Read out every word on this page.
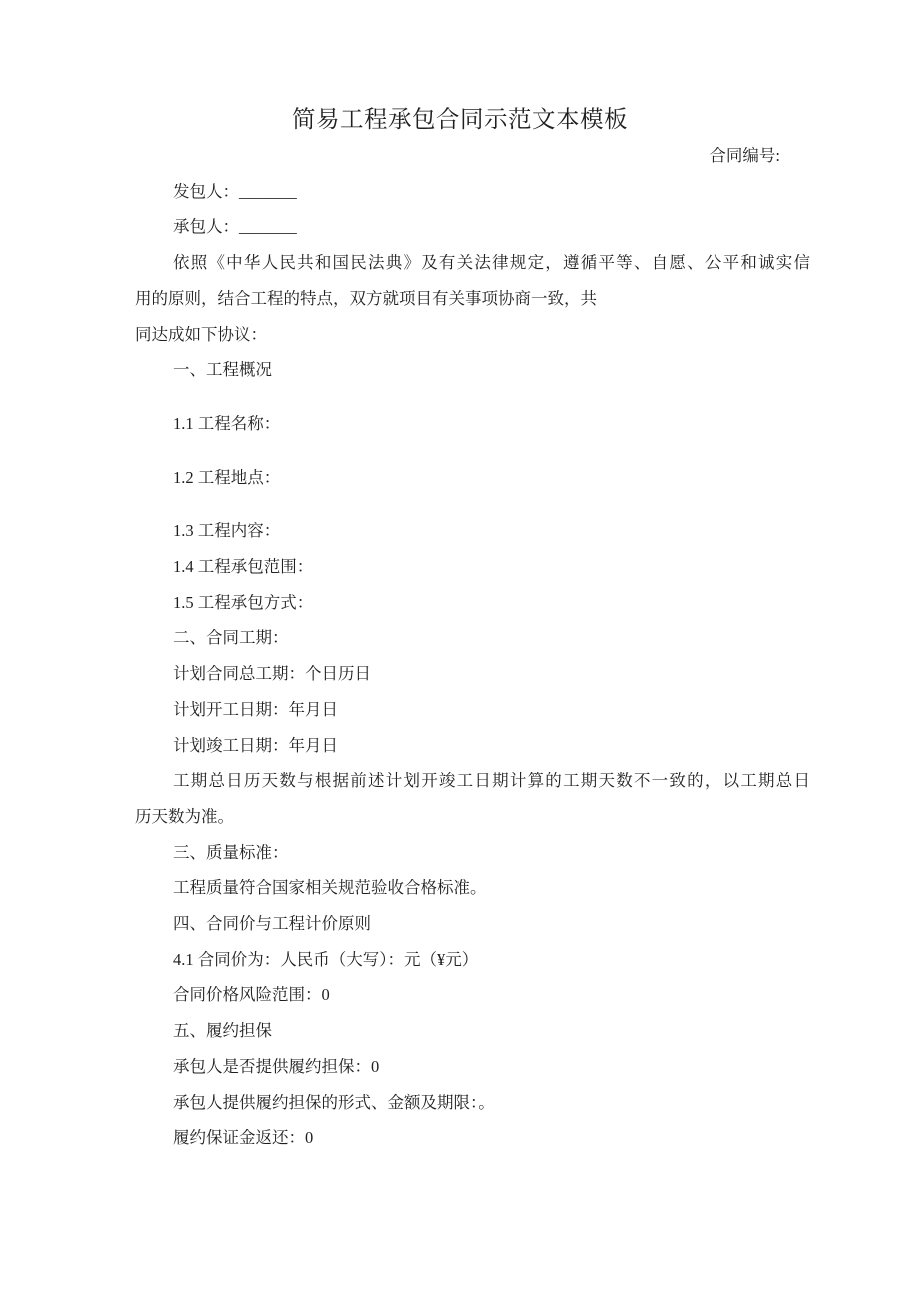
简易工程承包合同示范文本模板

合同编号:

发包人：_______

承包人：_______

依照《中华人民共和国民法典》及有关法律规定，遵循平等、自愿、公平和诚实信

用的原则，结合工程的特点，双方就项目有关事项协商一致，共

同达成如下协议：

一、工程概况

1.1 工程名称：

1.2 工程地点：

1.3 工程内容：

1.4 工程承包范围：

1.5 工程承包方式：

二、合同工期：

计划合同总工期：个日历日

计划开工日期：年月日

计划竣工日期：年月日

工期总日历天数与根据前述计划开竣工日期计算的工期天数不一致的，以工期总日

历天数为准。

三、质量标准：

工程质量符合国家相关规范验收合格标准。

四、合同价与工程计价原则

4.1 合同价为：人民币（大写）：元（¥元）

合同价格风险范围：0

五、履约担保

承包人是否提供履约担保：0

承包人提供履约担保的形式、金额及期限：。

履约保证金返还：0
